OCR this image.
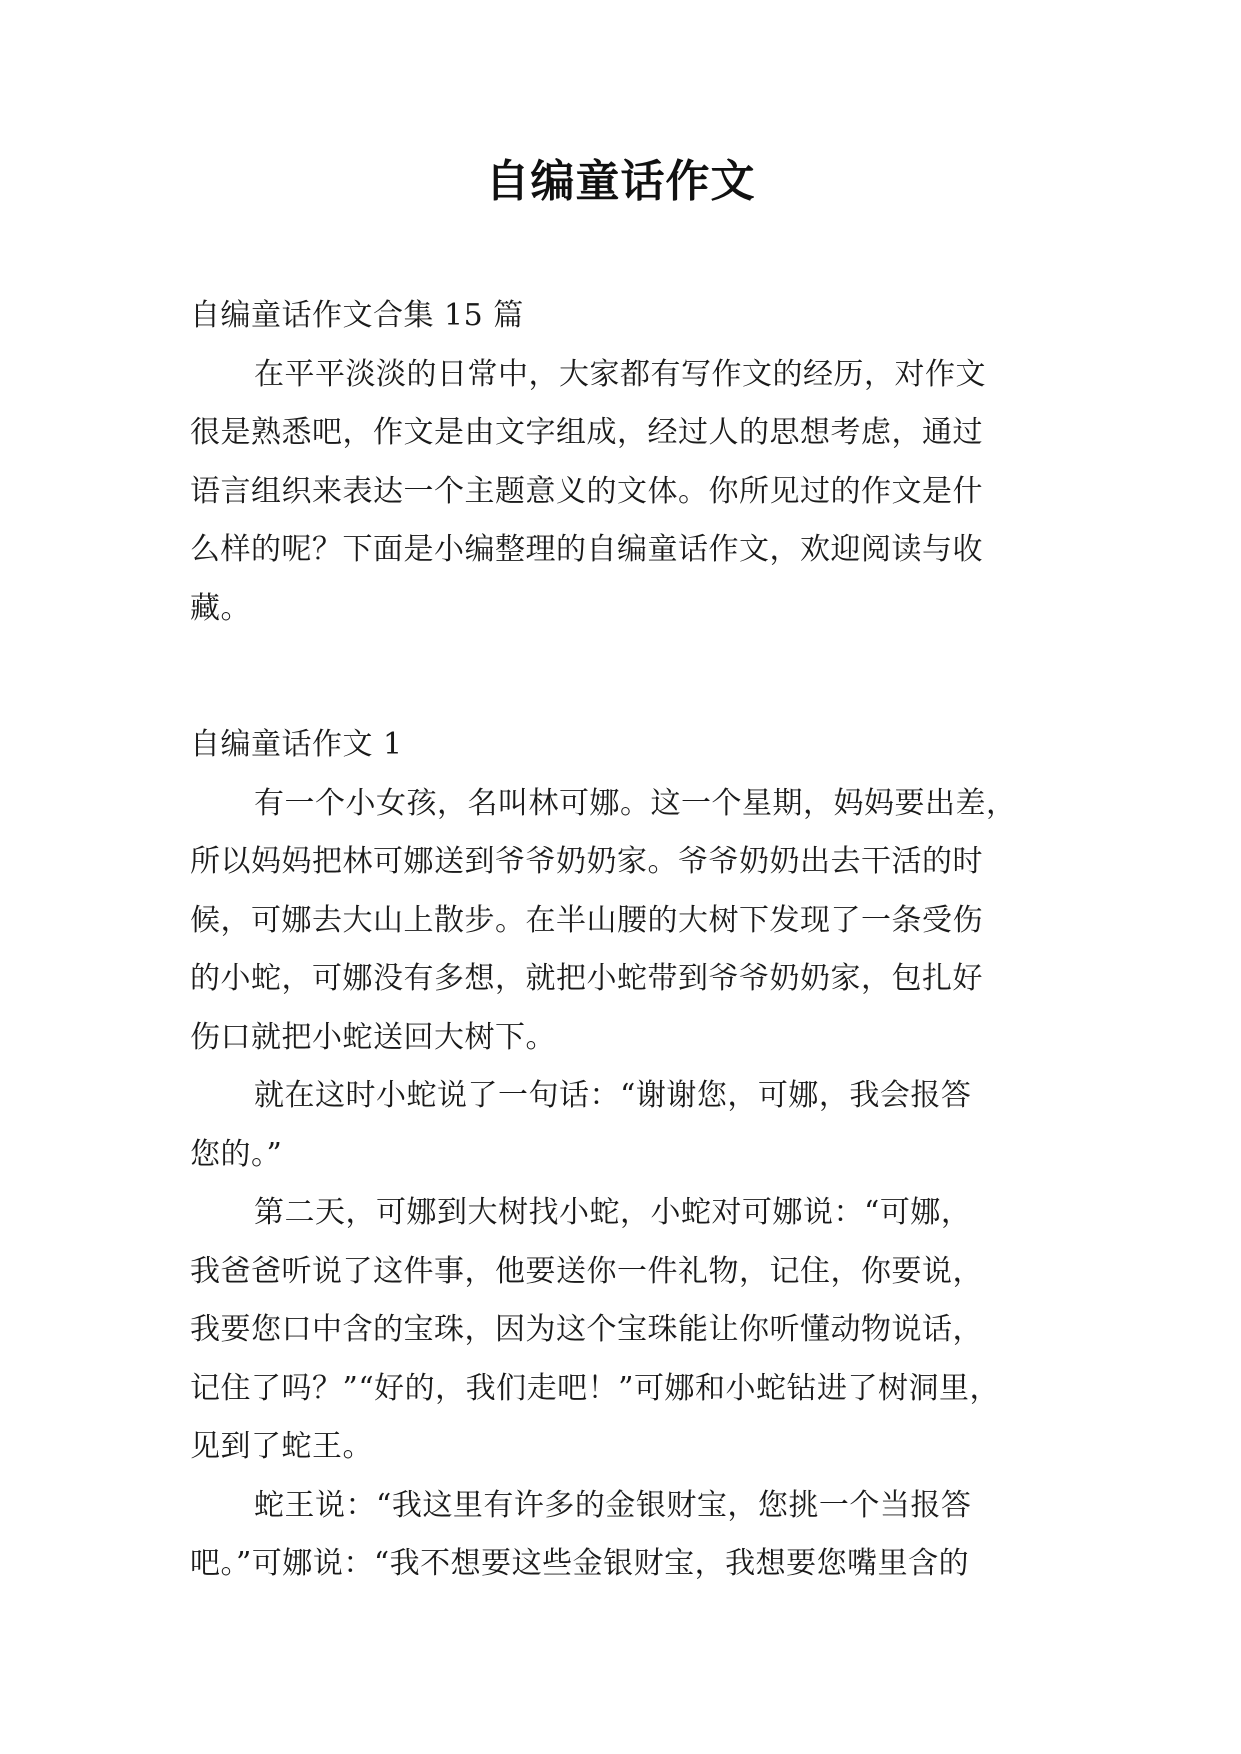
自编童话作文

自编童话作文合集 15 篇

在平平淡淡的日常中，大家都有写作文的经历，对作文

很是熟悉吧，作文是由文字组成，经过人的思想考虑，通过

语言组织来表达一个主题意义的文体。你所见过的作文是什

么样的呢？下面是小编整理的自编童话作文，欢迎阅读与收

藏。

自编童话作文 1

有一个小女孩，名叫林可娜。这一个星期，妈妈要出差，

所以妈妈把林可娜送到爷爷奶奶家。爷爷奶奶出去干活的时

候，可娜去大山上散步。在半山腰的大树下发现了一条受伤

的小蛇，可娜没有多想，就把小蛇带到爷爷奶奶家，包扎好

伤口就把小蛇送回大树下。

就在这时小蛇说了一句话：“谢谢您，可娜，我会报答

您的。”

第二天，可娜到大树找小蛇，小蛇对可娜说：“可娜，

我爸爸听说了这件事，他要送你一件礼物，记住，你要说，

我要您口中含的宝珠，因为这个宝珠能让你听懂动物说话，

记住了吗？”“好的，我们走吧！”可娜和小蛇钻进了树洞里，

见到了蛇王。

蛇王说：“我这里有许多的金银财宝，您挑一个当报答

吧。”可娜说：“我不想要这些金银财宝，我想要您嘴里含的
